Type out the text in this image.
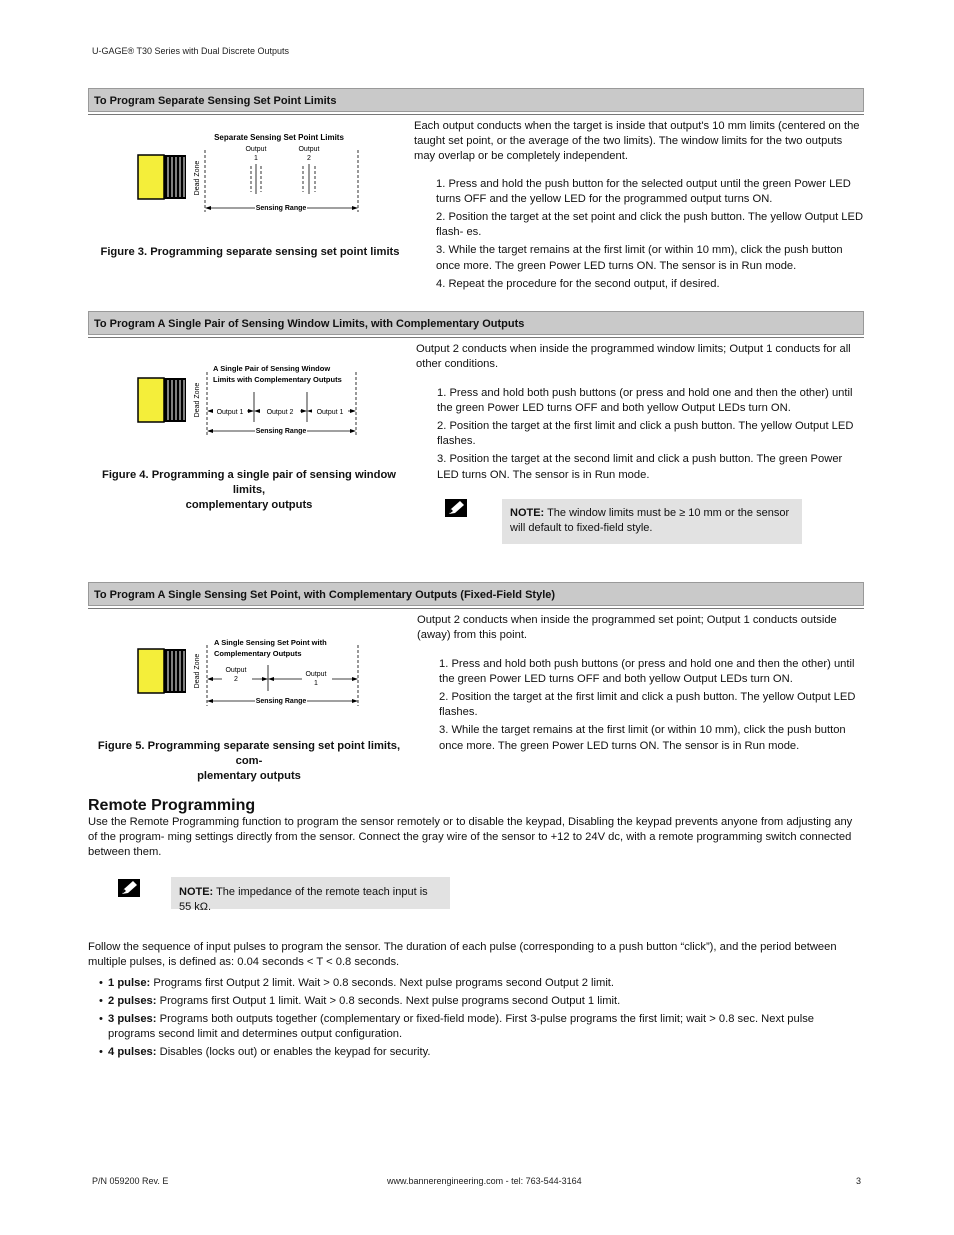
U-GAGE® T30 Series with Dual Discrete Outputs
To Program Separate Sensing Set Point Limits
Separate Sensing Set Point Limits
Output
1
Output
2
Dead Zone
Sensing Range
Figure 3. Programming separate sensing set point limits
Each output conducts when the target is inside that output's 10 mm limits (centered on the taught set point, or the average of the two limits). The window limits for the two outputs may overlap or be completely independent.

1. Press and hold the push button for the selected output until the green Power LED turns OFF and the yellow LED for the programmed output turns ON.

2. Position the target at the set point and click the push button. The yellow Output LED flash- es.

3. While the target remains at the first limit (or within 10 mm), click the push button once more. The green Power LED turns ON. The sensor is in Run mode.

4. Repeat the procedure for the second output, if desired.

To Program A Single Pair of Sensing Window Limits, with Complementary Outputs
A Single Pair of Sensing Window
Limits with Complementary Outputs
Output 1	Output 2	Output 1
Dead Zone
Sensing Range
Figure 4. Programming a single pair of sensing window limits,
complementary outputs
Output 2 conducts when inside the programmed window limits; Output 1 conducts for all other conditions.

1. Press and hold both push buttons (or press and hold one and then the other) until the green Power LED turns OFF and both yellow Output LEDs turn ON.

2. Position the target at the first limit and click a push button. The yellow Output LED flashes.

3. Position the target at the second limit and click a push button. The green Power LED turns ON. The sensor is in Run mode.

NOTE: The window limits must be ≥ 10 mm or the sensor will default to fixed-field style.
To Program A Single Sensing Set Point, with Complementary Outputs (Fixed-Field Style)
A Single Sensing Set Point with
Complementary Outputs
Output
2
Output
1
Dead Zone
Sensing Range
Figure 5. Programming separate sensing set point limits, com-
plementary outputs
Output 2 conducts when inside the programmed set point; Output 1 conducts outside (away) from this point.

1. Press and hold both push buttons (or press and hold one and then the other) until the green Power LED turns OFF and both yellow Output LEDs turn ON.

2. Position the target at the first limit and click a push button. The yellow Output LED flashes.

3. While the target remains at the first limit (or within 10 mm), click the push button once more. The green Power LED turns ON. The sensor is in Run mode.

Remote Programming
Use the Remote Programming function to program the sensor remotely or to disable the keypad, Disabling the keypad prevents anyone from adjusting any of the program- ming settings directly from the sensor. Connect the gray wire of the sensor to +12 to 24V dc, with a remote programming switch connected between them.
NOTE: The impedance of the remote teach input is 55 kΩ.
Follow the sequence of input pulses to program the sensor. The duration of each pulse (corresponding to a push button “click”), and the period between multiple pulses, is defined as: 0.04 seconds < T < 0.8 seconds.
• 1 pulse: Programs first Output 2 limit. Wait > 0.8 seconds. Next pulse programs second Output 2 limit.
• 2 pulses: Programs first Output 1 limit. Wait > 0.8 seconds. Next pulse programs second Output 1 limit.
• 3 pulses: Programs both outputs together (complementary or fixed-field mode). First 3-pulse programs the first limit; wait > 0.8 sec. Next pulse programs second limit and determines output configuration.
• 4 pulses: Disables (locks out) or enables the keypad for security.
P/N 059200 Rev. E	www.bannerengineering.com - tel: 763-544-3164	3
